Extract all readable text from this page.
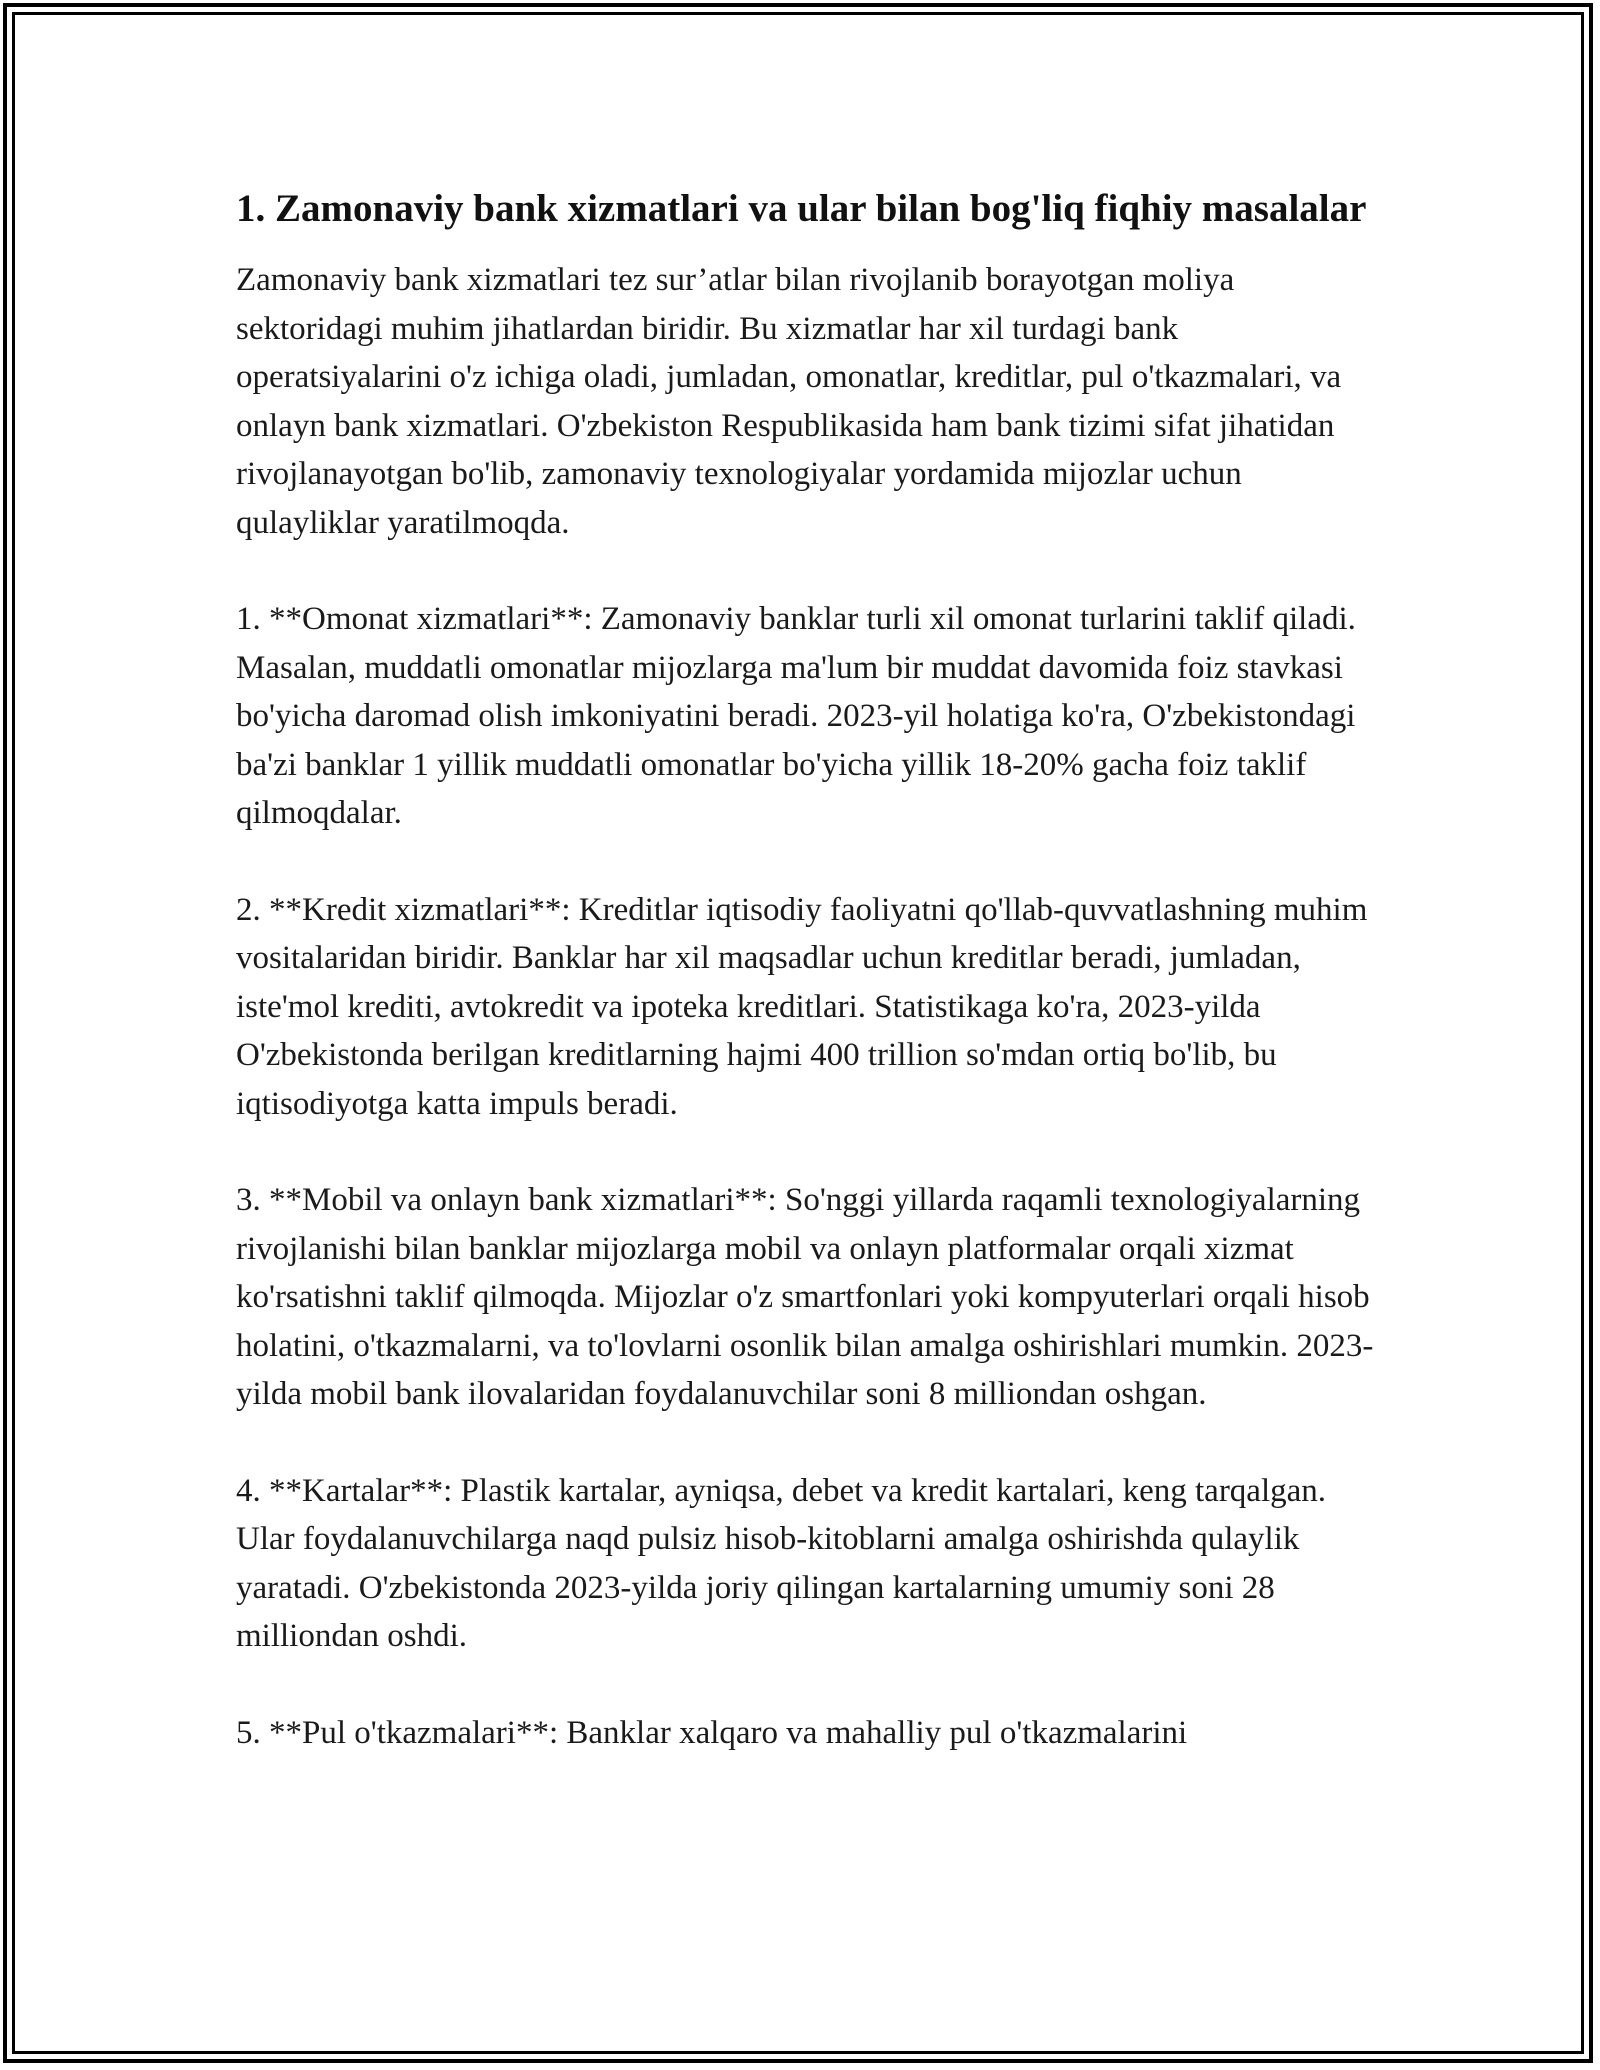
1. Zamonaviy bank xizmatlari va ular bilan bog'liq fiqhiy masalalar

Zamonaviy bank xizmatlari tez sur’atlar bilan rivojlanib borayotgan moliya sektoridagi muhim jihatlardan biridir. Bu xizmatlar har xil turdagi bank operatsiyalarini o'z ichiga oladi, jumladan, omonatlar, kreditlar, pul o'tkazmalari, va onlayn bank xizmatlari. O'zbekiston Respublikasida ham bank tizimi sifat jihatidan rivojlanayotgan bo'lib, zamonaviy texnologiyalar yordamida mijozlar uchun qulayliklar yaratilmoqda.

1. **Omonat xizmatlari**: Zamonaviy banklar turli xil omonat turlarini taklif qiladi. Masalan, muddatli omonatlar mijozlarga ma'lum bir muddat davomida foiz stavkasi bo'yicha daromad olish imkoniyatini beradi. 2023-yil holatiga ko'ra, O'zbekistondagi ba'zi banklar 1 yillik muddatli omonatlar bo'yicha yillik 18-20% gacha foiz taklif qilmoqdalar.

2. **Kredit xizmatlari**: Kreditlar iqtisodiy faoliyatni qo'llab-quvvatlashning muhim vositalaridan biridir. Banklar har xil maqsadlar uchun kreditlar beradi, jumladan, iste'mol krediti, avtokredit va ipoteka kreditlari. Statistikaga ko'ra, 2023-yilda O'zbekistonda berilgan kreditlarning hajmi 400 trillion so'mdan ortiq bo'lib, bu iqtisodiyotga katta impuls beradi.

3. **Mobil va onlayn bank xizmatlari**: So'nggi yillarda raqamli texnologiyalarning rivojlanishi bilan banklar mijozlarga mobil va onlayn platformalar orqali xizmat ko'rsatishni taklif qilmoqda. Mijozlar o'z smartfonlari yoki kompyuterlari orqali hisob holatini, o'tkazmalarni, va to'lovlarni osonlik bilan amalga oshirishlari mumkin. 2023-yilda mobil bank ilovalaridan foydalanuvchilar soni 8 milliondan oshgan.

4. **Kartalar**: Plastik kartalar, ayniqsa, debet va kredit kartalari, keng tarqalgan. Ular foydalanuvchilarga naqd pulsiz hisob-kitoblarni amalga oshirishda qulaylik yaratadi. O'zbekistonda 2023-yilda joriy qilingan kartalarning umumiy soni 28 milliondan oshdi.

5. **Pul o'tkazmalari**: Banklar xalqaro va mahalliy pul o'tkazmalarini
